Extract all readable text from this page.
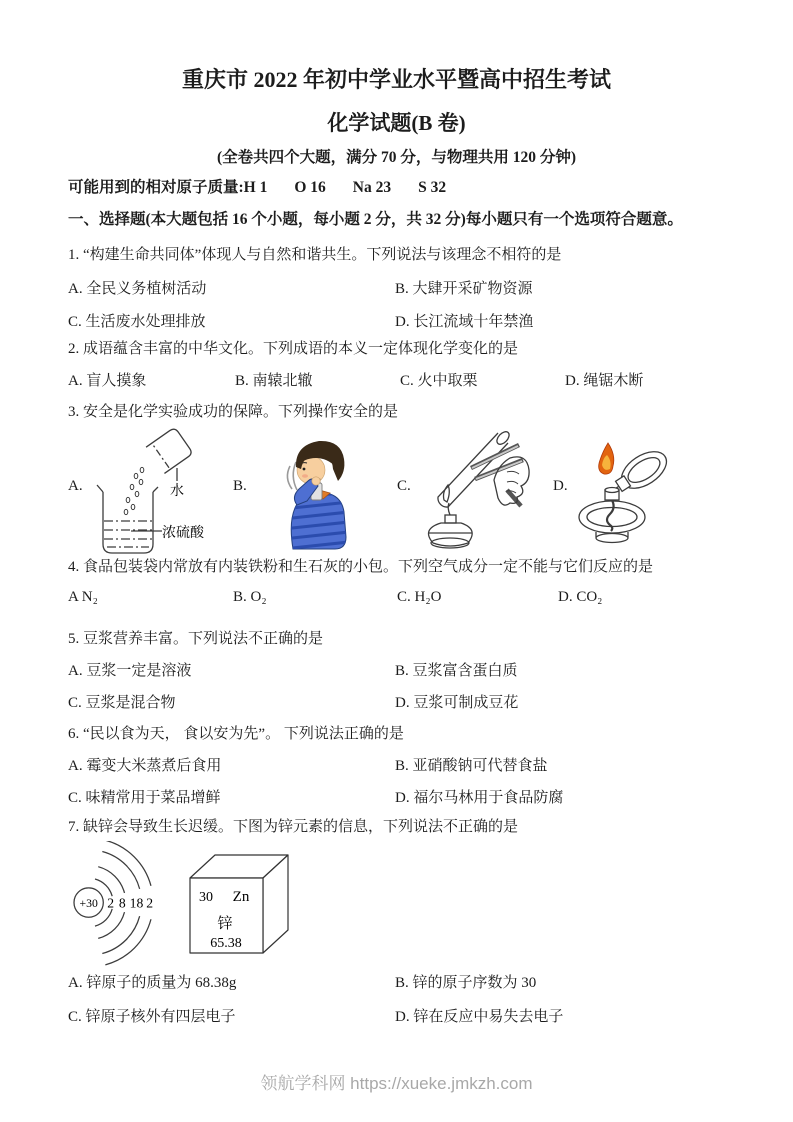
重庆市 2022 年初中学业水平暨高中招生考试
化学试题(B 卷)
(全卷共四个大题，满分 70 分，与物理共用 120 分钟)
可能用到的相对原子质量:H 1 O 16 Na 23 S 32
一、选择题(本大题包括 16 个小题，每小题 2 分，共 32 分)每小题只有一个选项符合题意。
1. “构建生命共同体”体现人与自然和谐共生。下列说法与该理念不相符的是
A. 全民义务植树活动	B. 大肆开采矿物资源
C. 生活废水处理排放	D. 长江流域十年禁渔
2. 成语蕴含丰富的中华文化。下列成语的本义一定体现化学变化的是
A. 盲人摸象	B. 南辕北辙	C. 火中取栗	D. 绳锯木断
3. 安全是化学实验成功的保障。下列操作安全的是
A.	B.	C.	D.
水
浓硫酸
4. 食品包装袋内常放有内装铁粉和生石灰的小包。下列空气成分一定不能与它们反应的是
A N₂	B. O₂	C. H₂O	D. CO₂
5. 豆浆营养丰富。下列说法不正确的是
A. 豆浆一定是溶液	B. 豆浆富含蛋白质
C. 豆浆是混合物	D. 豆浆可制成豆花
6. “民以食为天， 食以安为先”。 下列说法正确的是
A. 霉变大米蒸煮后食用	B. 亚硝酸钠可代替食盐
C. 味精常用于菜品增鲜	D. 福尔马林用于食品防腐
7. 缺锌会导致生长迟缓。下图为锌元素的信息，下列说法不正确的是
+30 2 8 18 2	30 Zn
锌
65.38
A. 锌原子的质量为 68.38g	B. 锌的原子序数为 30
C. 锌原子核外有四层电子	D. 锌在反应中易失去电子
领航学科网 https://xueke.jmkzh.com
